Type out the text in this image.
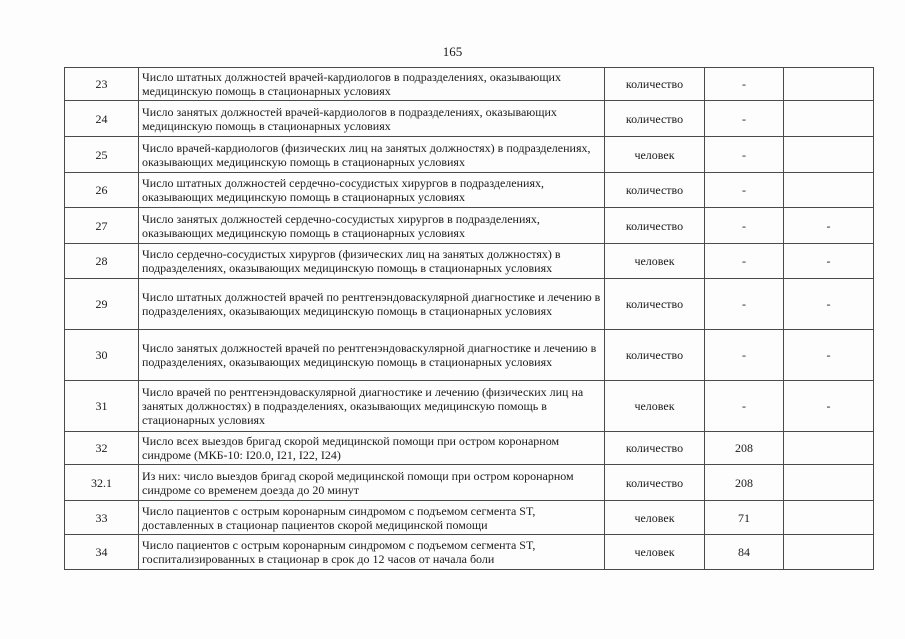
165
23	Число штатных должностей врачей-кардиологов в подразделениях, оказывающих медицинскую помощь в стационарных условиях	количество	-	
24	Число занятых должностей врачей-кардиологов в подразделениях, оказывающих медицинскую помощь в стационарных условиях	количество	-	
25	Число врачей-кардиологов (физических лиц на занятых должностях) в подразделениях, оказывающих медицинскую помощь в стационарных условиях	человек	-	
26	Число штатных должностей сердечно-сосудистых хирургов в подразделениях, оказывающих медицинскую помощь в стационарных условиях	количество	-	
27	Число занятых должностей сердечно-сосудистых хирургов в подразделениях, оказывающих медицинскую помощь в стационарных условиях	количество	-	-
28	Число сердечно-сосудистых хирургов (физических лиц на занятых должностях) в подразделениях, оказывающих медицинскую помощь в стационарных условиях	человек	-	-
29	Число штатных должностей врачей по рентгенэндоваскулярной диагностике и лечению в подразделениях, оказывающих медицинскую помощь в стационарных условиях	количество	-	-
30	Число занятых должностей врачей по рентгенэндоваскулярной диагностике и лечению в подразделениях, оказывающих медицинскую помощь в стационарных условиях	количество	-	-
31	Число врачей по рентгенэндоваскулярной диагностике и лечению (физических лиц на занятых должностях) в подразделениях, оказывающих медицинскую помощь в стационарных условиях	человек	-	-
32	Число всех выездов бригад скорой медицинской помощи при остром коронарном синдроме (МКБ-10: I20.0, I21, I22, I24)	количество	208	
32.1	Из них: число выездов бригад скорой медицинской помощи при остром коронарном синдроме со временем доезда до 20 минут	количество	208	
33	Число пациентов с острым коронарным синдромом с подъемом сегмента ST, доставленных в стационар пациентов скорой медицинской помощи	человек	71	
34	Число пациентов с острым коронарным синдромом с подъемом сегмента ST, госпитализированных в стационар в срок до 12 часов от начала боли	человек	84	
